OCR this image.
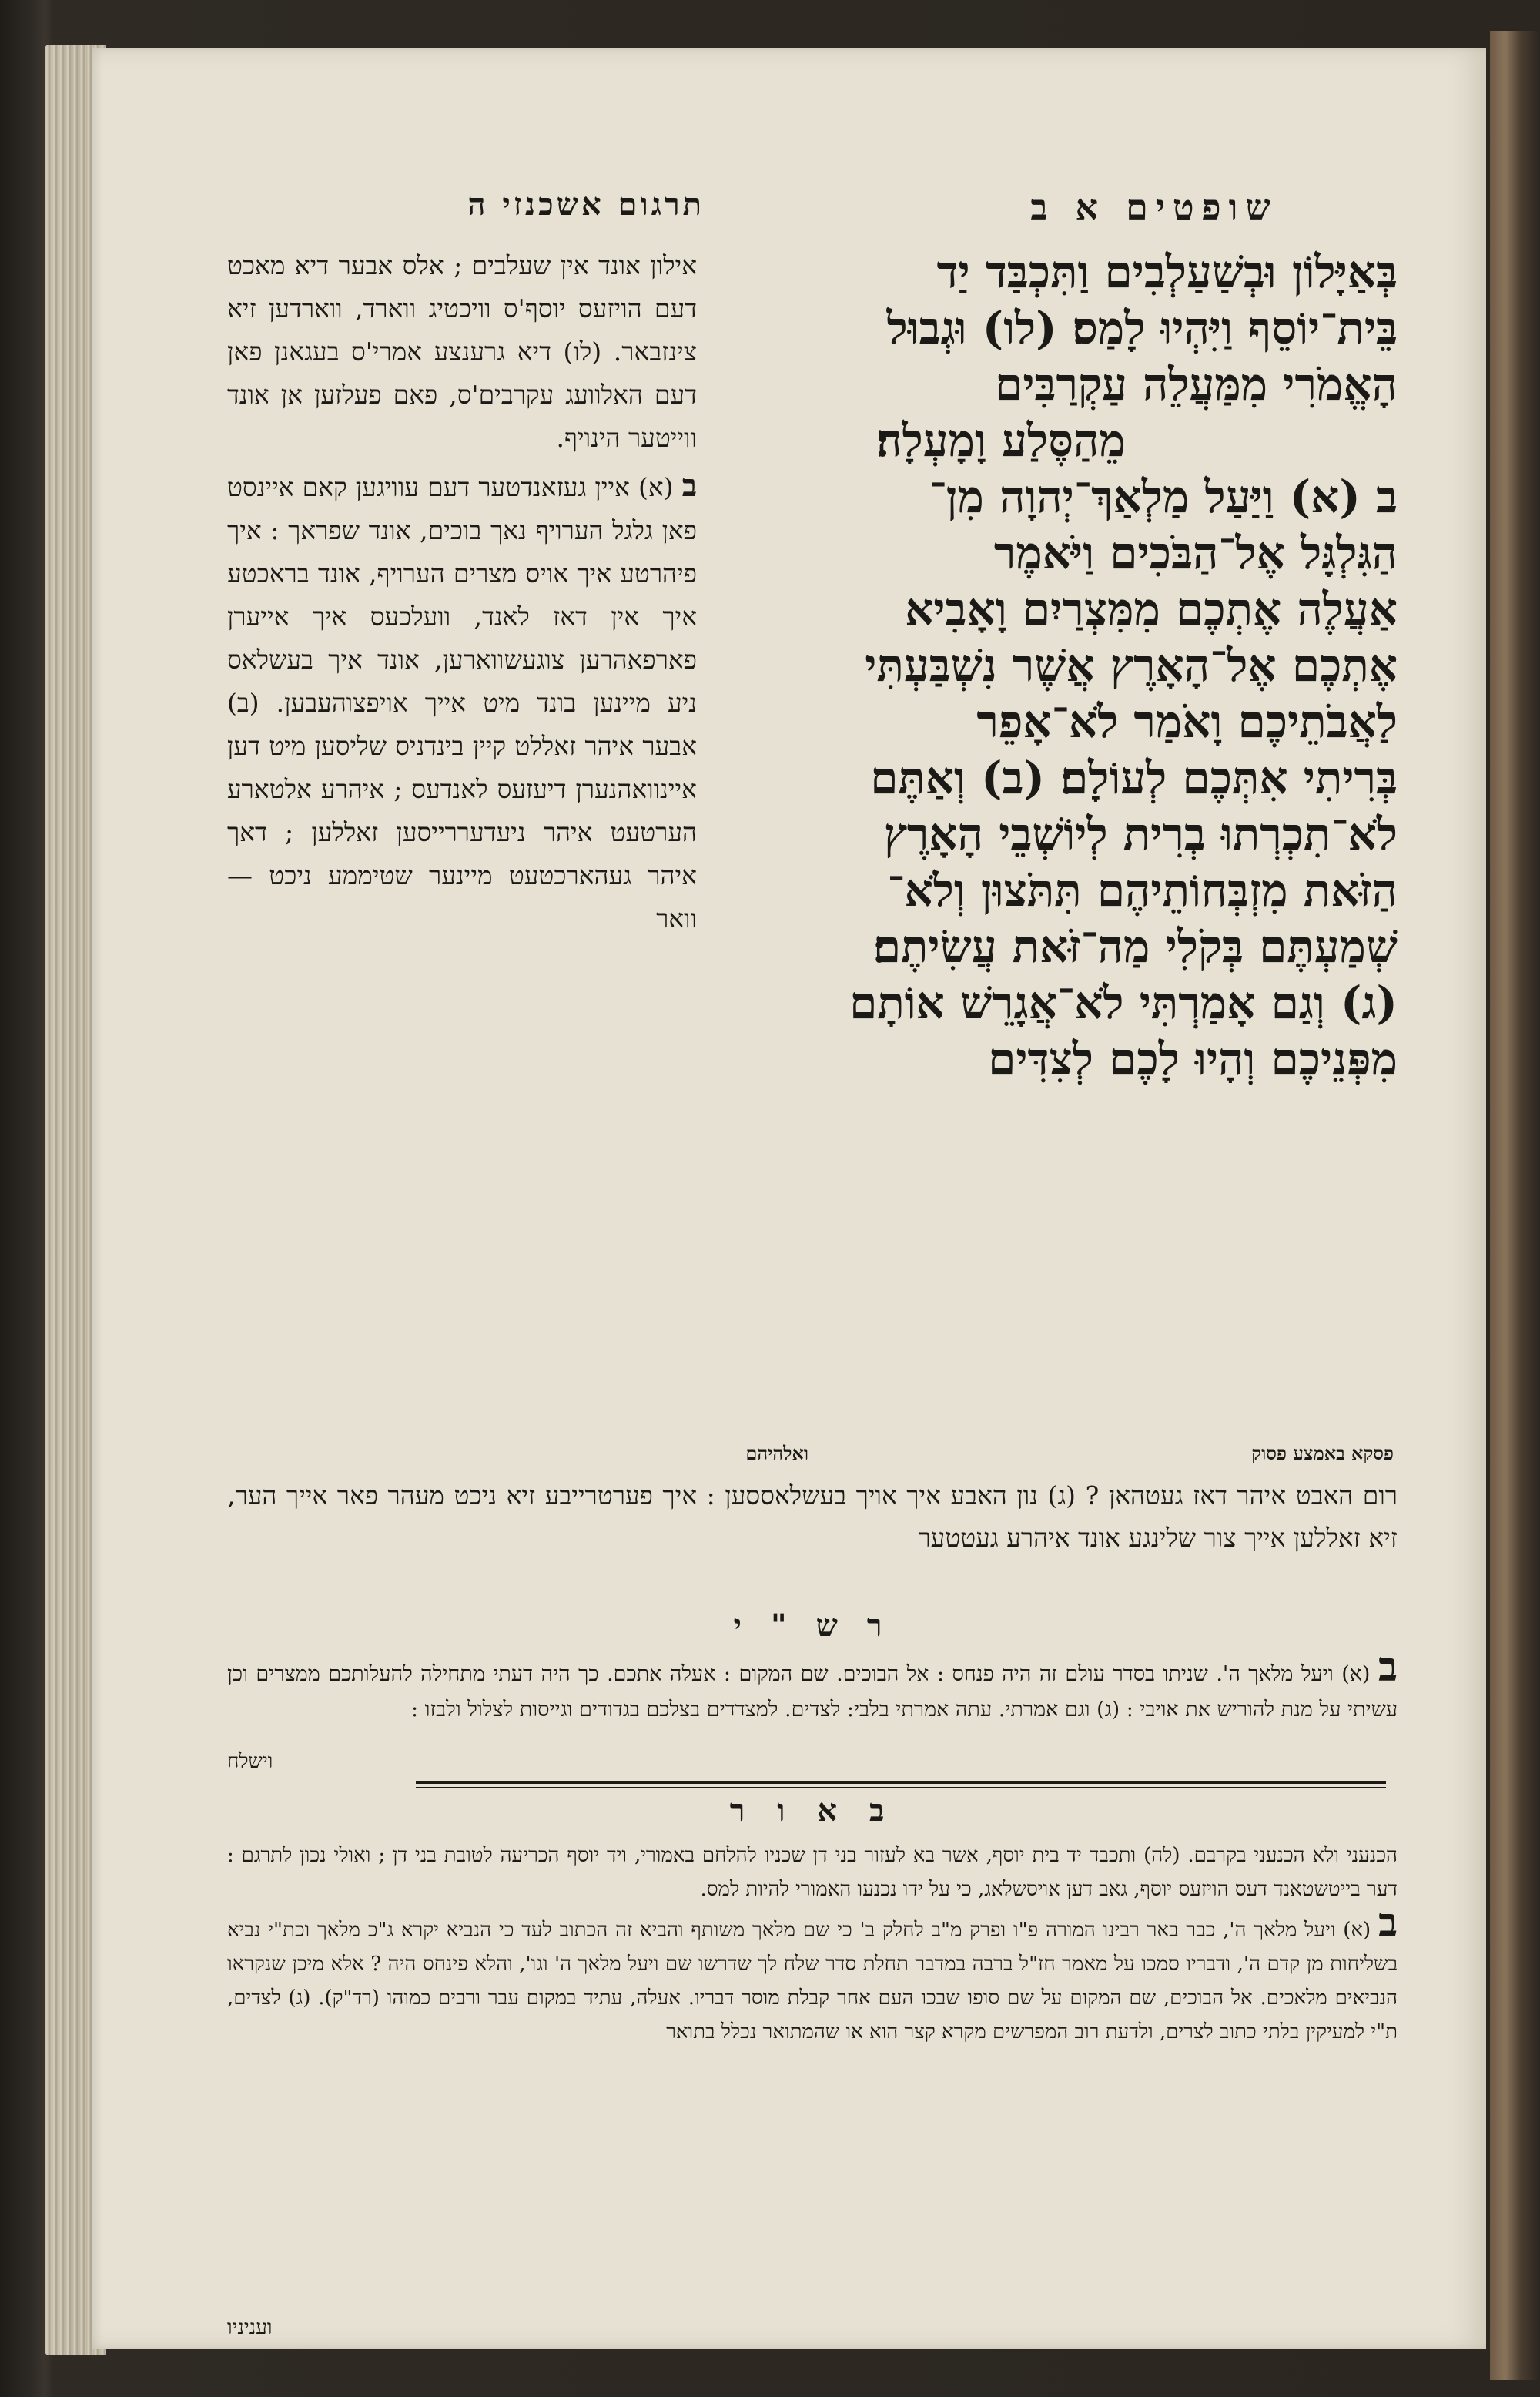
שופטים א ב
תרגום אשכנזי ה

בְּאַיָּלוֹן וּבְשַׁעַלְבִים וַתִּכְבַּד יַד

בֵּית־יוֹסֵף וַיִּהְיוּ לָמַס׃ (לו) וּגְבוּל

הָאֱמֹרִי מִמַּעֲלֵה עַקְרַבִּים

מֵהַסֶּלַע וָמָעְלָה׃

ב (א) וַיַּעַל מַלְאַךְ־יְהוָה מִן־

הַגִּלְגָּל אֶל־הַבֹּכִים וַיֹּאמֶר

אַעֲלֶה אֶתְכֶם מִמִּצְרַיִם וָאָבִיא

אֶתְכֶם אֶל־הָאָרֶץ אֲשֶׁר נִשְׁבַּעְתִּי

לַאֲבֹתֵיכֶם וָאֹמַר לֹא־אָפֵר

בְּרִיתִי אִתְּכֶם לְעוֹלָם׃ (ב) וְאַתֶּם

לֹא־תִכְרְתוּ בְרִית לְיוֹשְׁבֵי הָאָרֶץ

הַזֹּאת מִזְבְּחוֹתֵיהֶם תִּתֹּצוּן וְלֹא־

שְׁמַעְתֶּם בְּקֹלִי מַה־זֹּאת עֲשִׂיתֶם׃

(ג) וְגַם אָמַרְתִּי לֹא־אֲגָרֵשׁ אוֹתָם

מִפְּנֵיכֶם וְהָיוּ לָכֶם לְצִדִּים

פסקא באמצע פסוק
ואלהיהם

אילון אונד אין שעלבים ; אלס אבער דיא מאכט דעם הויזעס יוסף'ס וויכטיג ווארד, ווארדען זיא צינזבאר. (לו) דיא גרענצע אמרי'ס בעגאנן פאן דעם האלוועג עקרבים'ס, פאם פעלזען אן אונד ווייטער הינויף.

ב (א) איין געזאנדטער דעם עוויגען קאם איינסט פאן גלגל הערויף נאך בוכים, אונד שפראך : איך פיהרטע איך אויס מצרים הערויף, אונד בראכטע איך אין דאז לאנד, וועלכעס איך אייערן פארפאהרען צוגעשווארען, אונד איך בעשלאס ניע מיינען בונד מיט אייך אויפצוהעבען. (ב) אבער איהר זאללט קיין בינדניס שליסען מיט דען איינוואהנערן דיעזעס לאנדעס ; איהרע אלטארע הערטעט איהר ניעדעררייסען זאללען ; דאך איהר געהארכטעט מיינער שטיממע ניכט — וואר

רום האבט איהר דאז געטהאן ? (ג) נון האבע איך אויך בעשלאססען : איך פערטרייבע זיא ניכט מעהר פאר אייך הער, זיא זאללען אייך צור שלינגע אונד איהרע געטטער
ר ש " י
ב (א) ויעל מלאך ה'. שניתו בסדר עולם זה היה פנחס : אל הבוכים. שם המקום : אעלה אתכם. כך היה דעתי מתחילה להעלותכם ממצרים וכן עשיתי על מנת להוריש את אויבי : (ג) וגם אמרתי. עתה אמרתי בלבי: לצדים. למצדדים בצלכם בגדודים וגייסות לצלול ולבזו :
וישלח
ב א ו ר

הכנעני ולא הכנעני בקרבם. (לה) ותכבד יד בית יוסף, אשר בא לעזור בני דן שכניו להלחם באמורי, ויד יוסף הכריעה לטובת בני דן ; ואולי נכון לתרגם : דער בייטשטאנד דעס הויזעס יוסף, גאב דען אויסשלאג, כי על ידו נכנעו האמורי להיות למס.

ב (א) ויעל מלאך ה', כבר באר רבינו המורה פ"ו ופרק מ"ב לחלק ב' כי שם מלאך משותף והביא זה הכתוב לעד כי הנביא יקרא ג"כ מלאך וכת"י נביא בשליחות מן קדם ה', ודבריו סמכו על מאמר חז"ל ברבה במדבר תחלת סדר שלח לך שדרשו שם ויעל מלאך ה' וגו', והלא פינחס היה ? אלא מיכן שנקראו הנביאים מלאכים. אל הבוכים, שם המקום על שם סופו שבכו העם אחר קבלת מוסר דבריו. אעלה, עתיד במקום עבר ורבים כמוהו (רד"ק). (ג) לצדים, ת"י למעיקין בלתי כתוב לצרים, ולדעת רוב המפרשים מקרא קצר הוא או שהמתואר נכלל בתואר

ועניניו
